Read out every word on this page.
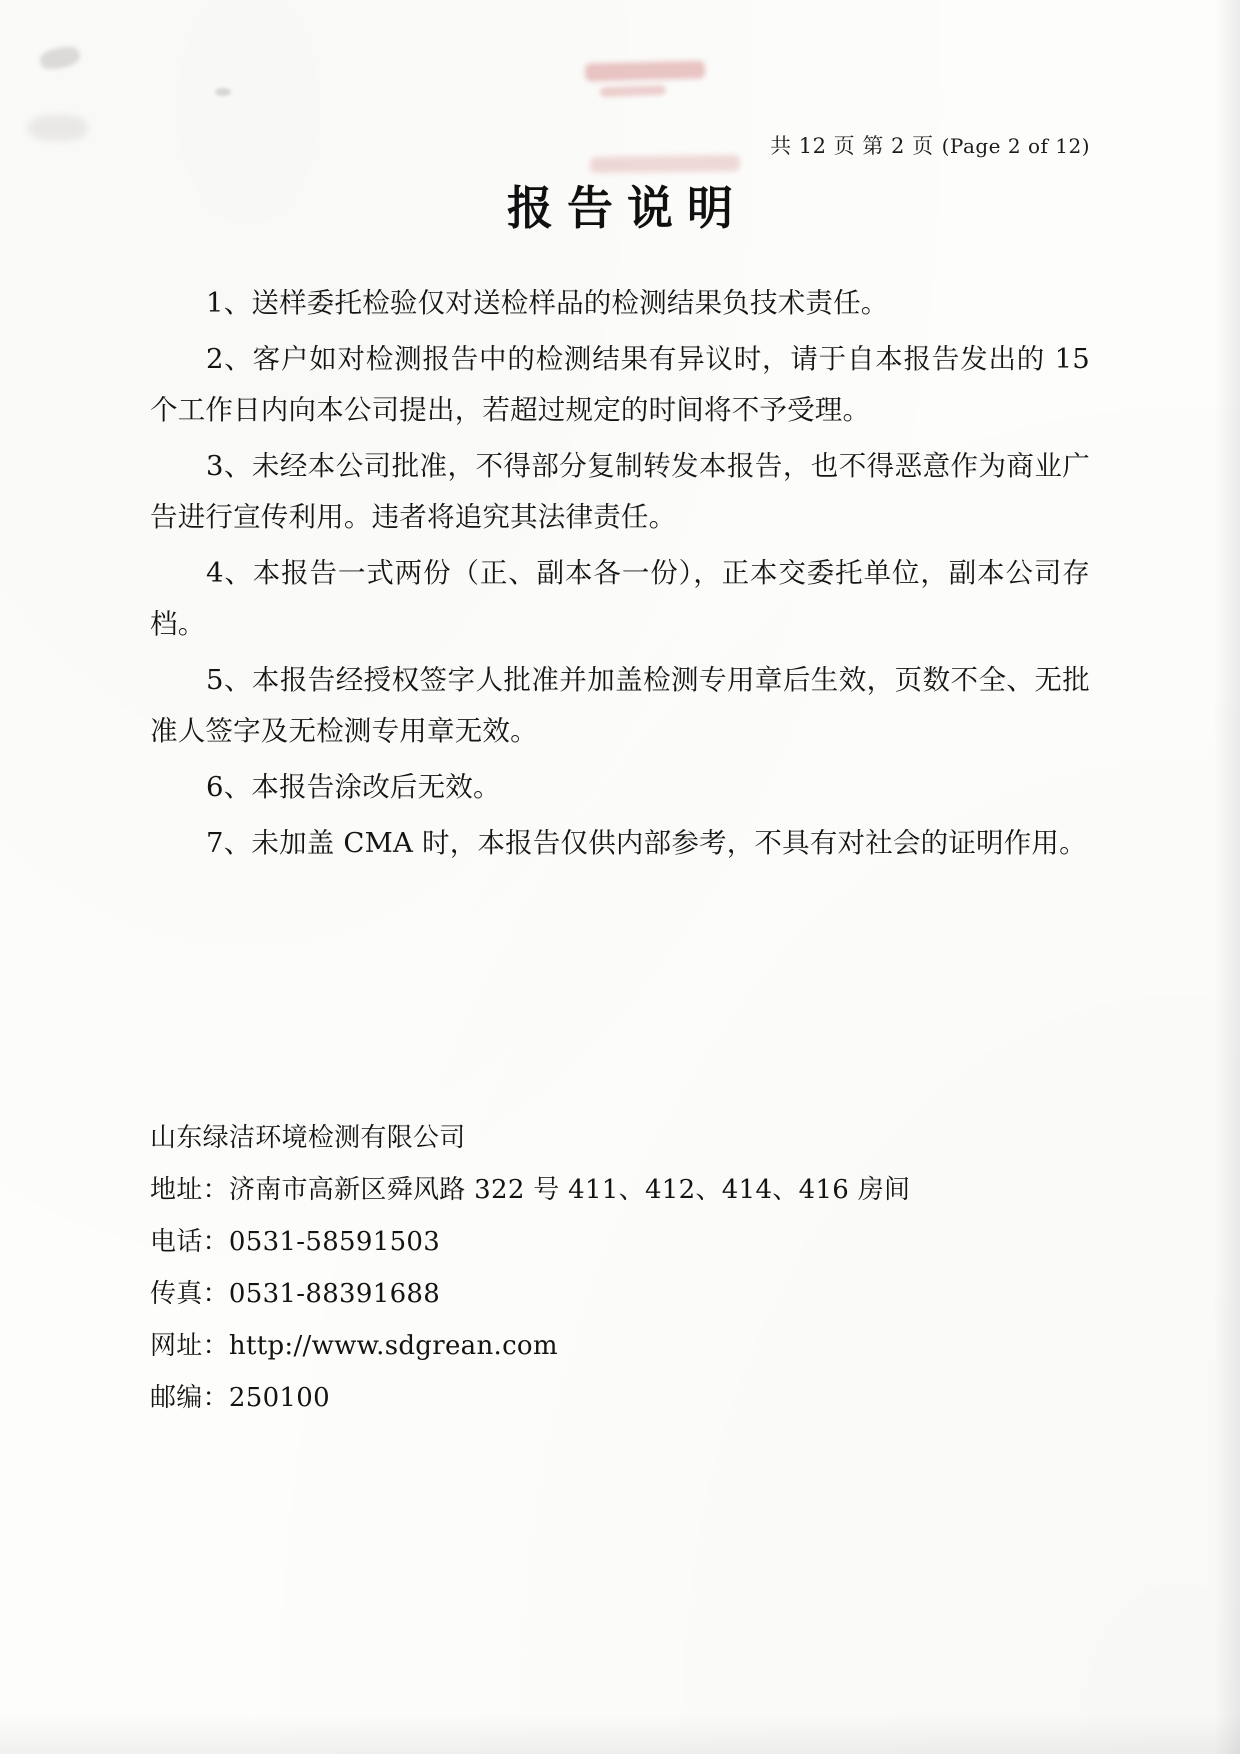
共 12 页 第 2 页 (Page 2 of 12)
报告说明

1、送样委托检验仅对送检样品的检测结果负技术责任。

2、客户如对检测报告中的检测结果有异议时，请于自本报告发出的 15 个工作日内向本公司提出，若超过规定的时间将不予受理。

3、未经本公司批准，不得部分复制转发本报告，也不得恶意作为商业广告进行宣传利用。违者将追究其法律责任。

4、本报告一式两份（正、副本各一份），正本交委托单位，副本公司存档。

5、本报告经授权签字人批准并加盖检测专用章后生效，页数不全、无批准人签字及无检测专用章无效。

6、本报告涂改后无效。

7、未加盖 CMA 时，本报告仅供内部参考，不具有对社会的证明作用。

山东绿洁环境检测有限公司
地址：济南市高新区舜风路 322 号 411、412、414、416 房间
电话：0531-58591503
传真：0531-88391688
网址：http://www.sdgrean.com
邮编：250100
